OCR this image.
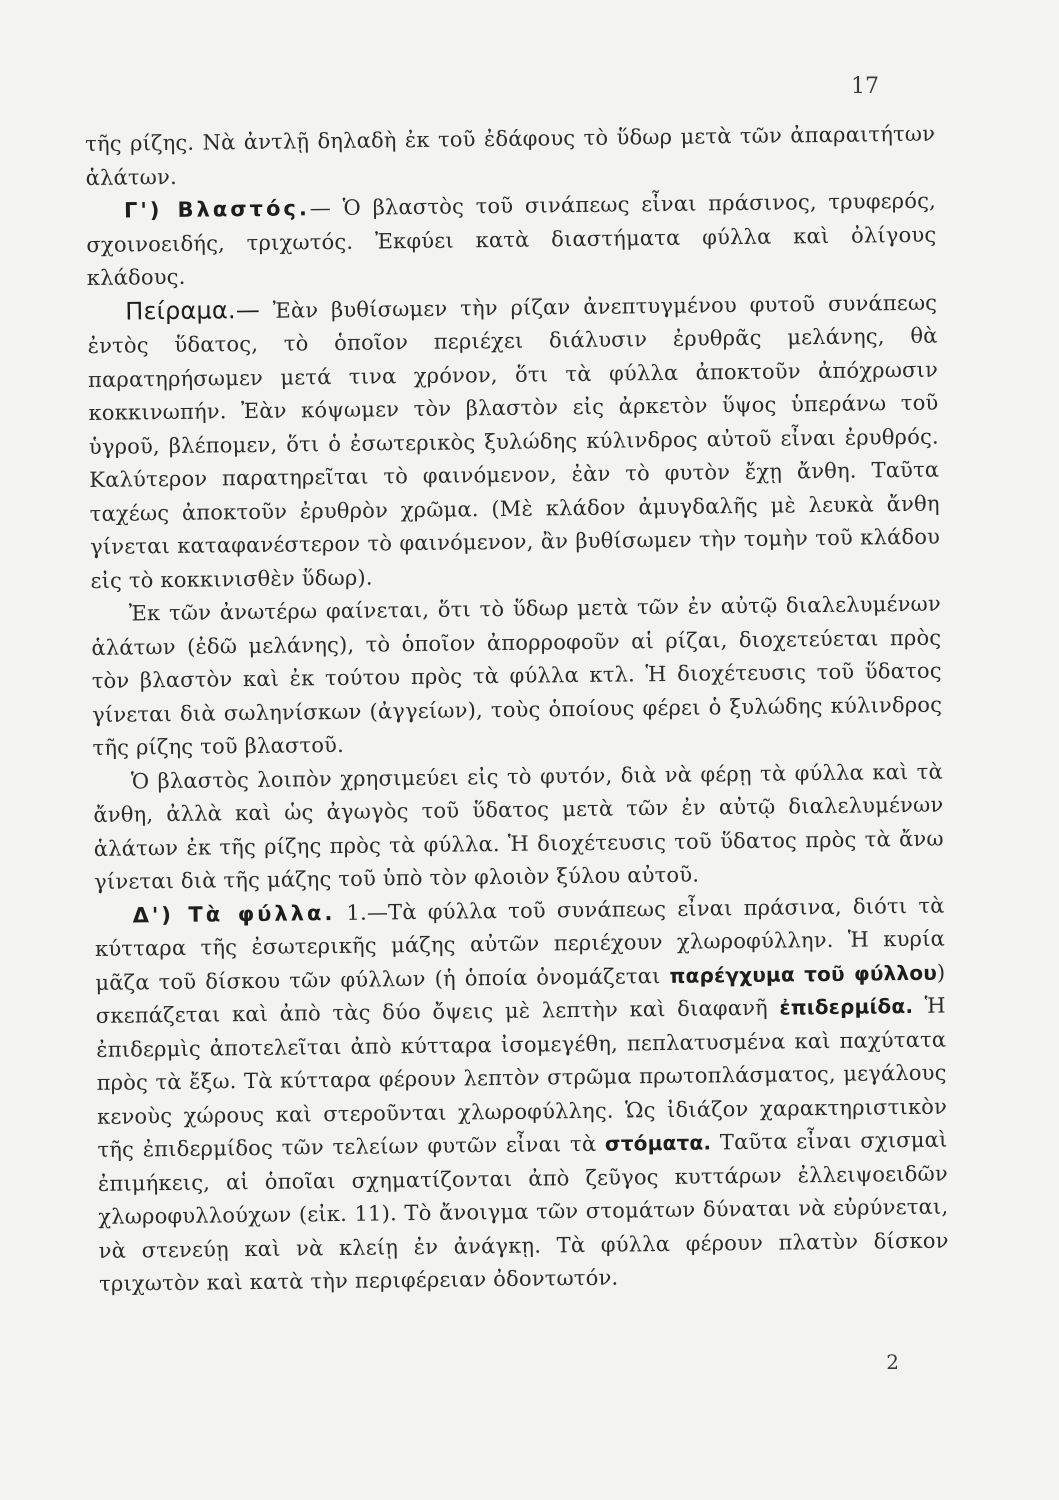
17

τῆς ρίζης. Νὰ ἀντλῇ δηλαδὴ ἐκ τοῦ ἐδάφους τὸ ὕδωρ μετὰ τῶν ἀπαραιτήτων ἁλάτων.

Γ') Βλαστός.— Ὁ βλαστὸς τοῦ σινάπεως εἶναι πράσινος, τρυφερός, σχοινοειδής, τριχωτός. Ἐκφύει κατὰ διαστήματα φύλλα καὶ ὀλίγους κλάδους.

Πείραμα.— Ἐὰν βυθίσωμεν τὴν ρίζαν ἀνεπτυγμένου φυτοῦ συνάπεως ἐντὸς ὕδατος, τὸ ὁποῖον περιέχει διάλυσιν ἐρυθρᾶς μελάνης, θὰ παρατηρήσωμεν μετά τινα χρόνον, ὅτι τὰ φύλλα ἀποκτοῦν ἀπόχρωσιν κοκκινωπήν. Ἐὰν κόψωμεν τὸν βλαστὸν εἰς ἀρκετὸν ὕψος ὑπεράνω τοῦ ὑγροῦ, βλέπομεν, ὅτι ὁ ἐσωτερικὸς ξυλώδης κύλινδρος αὐτοῦ εἶναι ἐρυθρός. Καλύτερον παρατηρεῖται τὸ φαινόμενον, ἐὰν τὸ φυτὸν ἔχῃ ἄνθη. Ταῦτα ταχέως ἀποκτοῦν ἐρυθρὸν χρῶμα. (Μὲ κλάδον ἀμυγδαλῆς μὲ λευκὰ ἄνθη γίνεται καταφανέστερον τὸ φαινόμενον, ἂν βυθίσωμεν τὴν τομὴν τοῦ κλάδου εἰς τὸ κοκκινισθὲν ὕδωρ).

Ἐκ τῶν ἀνωτέρω φαίνεται, ὅτι τὸ ὕδωρ μετὰ τῶν ἐν αὐτῷ διαλελυμένων ἁλάτων (ἐδῶ μελάνης), τὸ ὁποῖον ἀπορροφοῦν αἱ ρίζαι, διοχετεύεται πρὸς τὸν βλαστὸν καὶ ἐκ τούτου πρὸς τὰ φύλλα κτλ. Ἡ διοχέτευσις τοῦ ὕδατος γίνεται διὰ σωληνίσκων (ἀγγείων), τοὺς ὁποίους φέρει ὁ ξυλώδης κύλινδρος τῆς ρίζης τοῦ βλαστοῦ.

Ὁ βλαστὸς λοιπὸν χρησιμεύει εἰς τὸ φυτόν, διὰ νὰ φέρῃ τὰ φύλλα καὶ τὰ ἄνθη, ἀλλὰ καὶ ὡς ἀγωγὸς τοῦ ὕδατος μετὰ τῶν ἐν αὐτῷ διαλελυμένων ἁλάτων ἐκ τῆς ρίζης πρὸς τὰ φύλλα. Ἡ διοχέτευσις τοῦ ὕδατος πρὸς τὰ ἄνω γίνεται διὰ τῆς μάζης τοῦ ὑπὸ τὸν φλοιὸν ξύλου αὐτοῦ.

Δ') Τὰ φύλλα. 1.—Τὰ φύλλα τοῦ συνάπεως εἶναι πράσινα, διότι τὰ κύτταρα τῆς ἐσωτερικῆς μάζης αὐτῶν περιέχουν χλωροφύλλην. Ἡ κυρία μᾶζα τοῦ δίσκου τῶν φύλλων (ἡ ὁποία ὀνομάζεται παρέγχυμα τοῦ φύλλου) σκεπάζεται καὶ ἀπὸ τὰς δύο ὄψεις μὲ λεπτὴν καὶ διαφανῆ ἐπιδερμίδα. Ἡ ἐπιδερμὶς ἀποτελεῖται ἀπὸ κύτταρα ἰσομεγέθη, πεπλατυσμένα καὶ παχύτατα πρὸς τὰ ἔξω. Τὰ κύτταρα φέρουν λεπτὸν στρῶμα πρωτοπλάσματος, μεγάλους κενοὺς χώρους καὶ στεροῦνται χλωροφύλλης. Ὡς ἰδιάζον χαρακτηριστικὸν τῆς ἐπιδερμίδος τῶν τελείων φυτῶν εἶναι τὰ στόματα. Ταῦτα εἶναι σχισμαὶ ἐπιμήκεις, αἱ ὁποῖαι σχηματίζονται ἀπὸ ζεῦγος κυττάρων ἐλλειψοειδῶν χλωροφυλλούχων (εἰκ. 11). Τὸ ἄνοιγμα τῶν στομάτων δύναται νὰ εὐρύνεται, νὰ στενεύῃ καὶ νὰ κλείῃ ἐν ἀνάγκῃ. Τὰ φύλλα φέρουν πλατὺν δίσκον τριχωτὸν καὶ κατὰ τὴν περιφέρειαν ὀδοντωτόν.

2
